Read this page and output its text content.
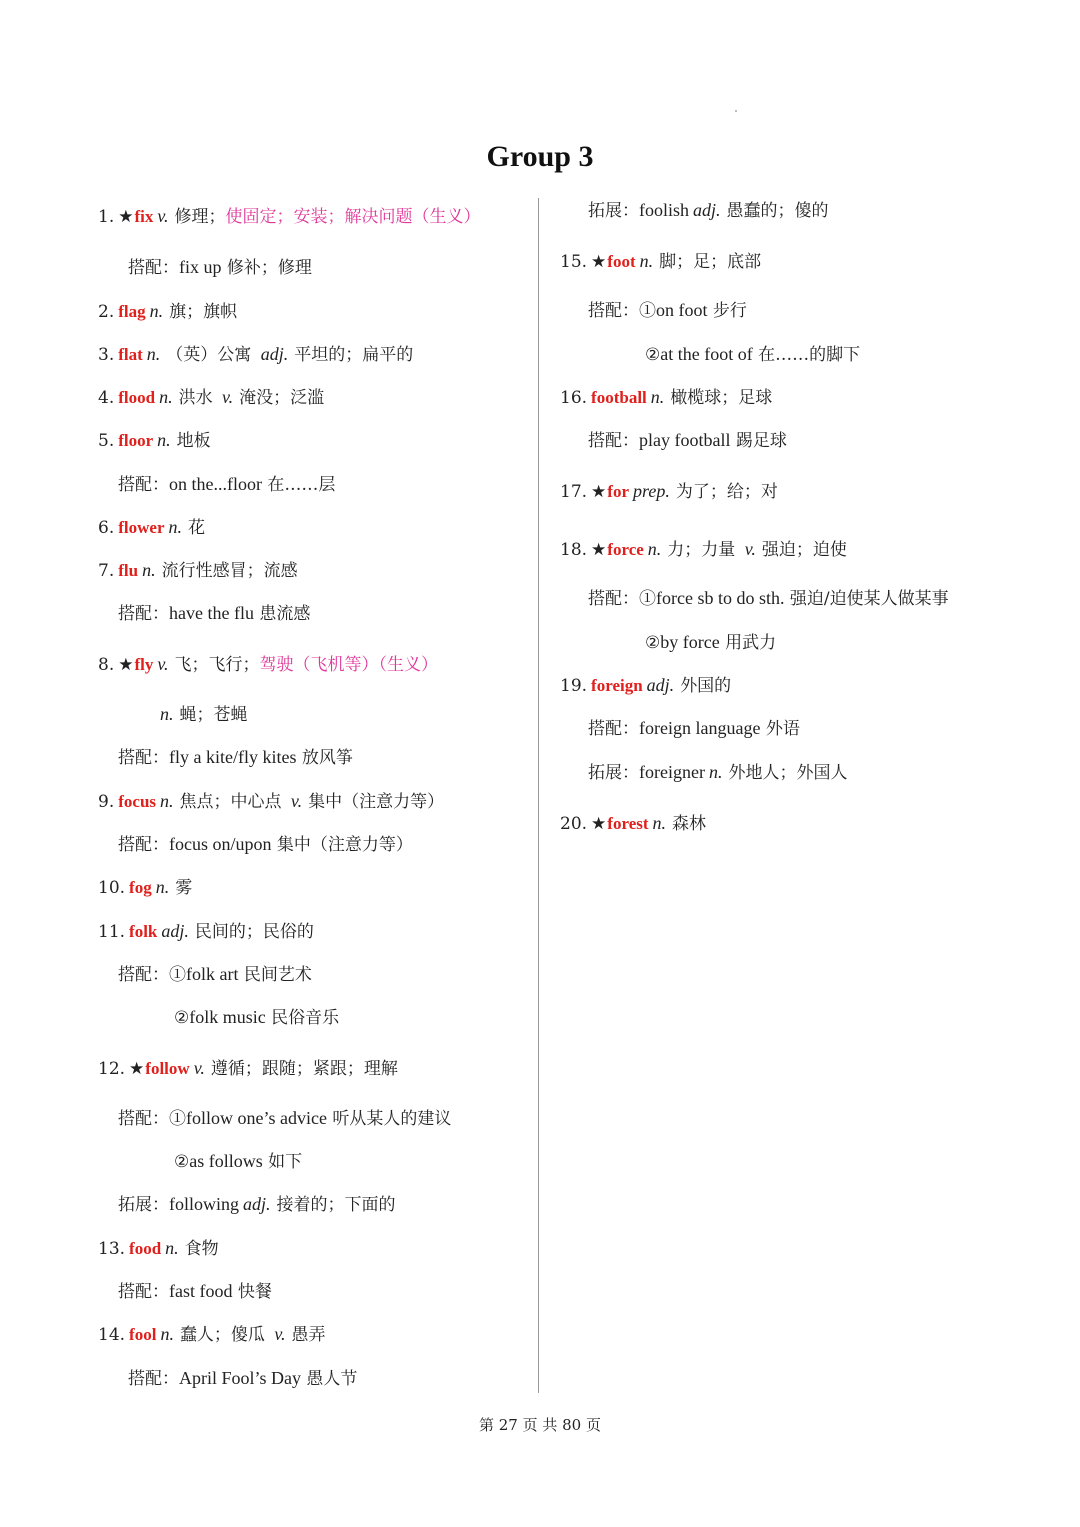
Group 3
1. ★fix v. 修理；使固定；安装；解决问题（生义）
搭配：fix up 修补；修理
2. flag n. 旗；旗帜
3. flat n. （英）公寓 adj. 平坦的；扁平的
4. flood n. 洪水 v. 淹没；泛滥
5. floor n. 地板
搭配：on the...floor 在……层
6. flower n. 花
7. flu n. 流行性感冒；流感
搭配：have the flu 患流感
8. ★fly v. 飞；飞行；驾驶（飞机等）（生义）
n. 蝇；苍蝇
搭配：fly a kite/fly kites 放风筝
9. focus n. 焦点；中心点 v. 集中（注意力等）
搭配：focus on/upon 集中（注意力等）
10. fog n. 雾
11. folk adj. 民间的；民俗的
搭配：①folk art 民间艺术
②folk music 民俗音乐
12. ★follow v. 遵循；跟随；紧跟；理解
搭配：①follow one’s advice 听从某人的建议
②as follows 如下
拓展：following adj. 接着的；下面的
13. food n. 食物
搭配：fast food 快餐
14. fool n. 蠢人；傻瓜 v. 愚弄
搭配：April Fool’s Day 愚人节
拓展：foolish adj. 愚蠢的；傻的
15. ★foot n. 脚；足；底部
搭配：①on foot 步行
②at the foot of 在……的脚下
16. football n. 橄榄球；足球
搭配：play football 踢足球
17. ★for prep. 为了；给；对
18. ★force n. 力；力量 v. 强迫；迫使
搭配：①force sb to do sth. 强迫/迫使某人做某事
②by force 用武力
19. foreign adj. 外国的
搭配：foreign language 外语
拓展：foreigner n. 外地人；外国人
20. ★forest n. 森林
第 27 页 共 80 页
